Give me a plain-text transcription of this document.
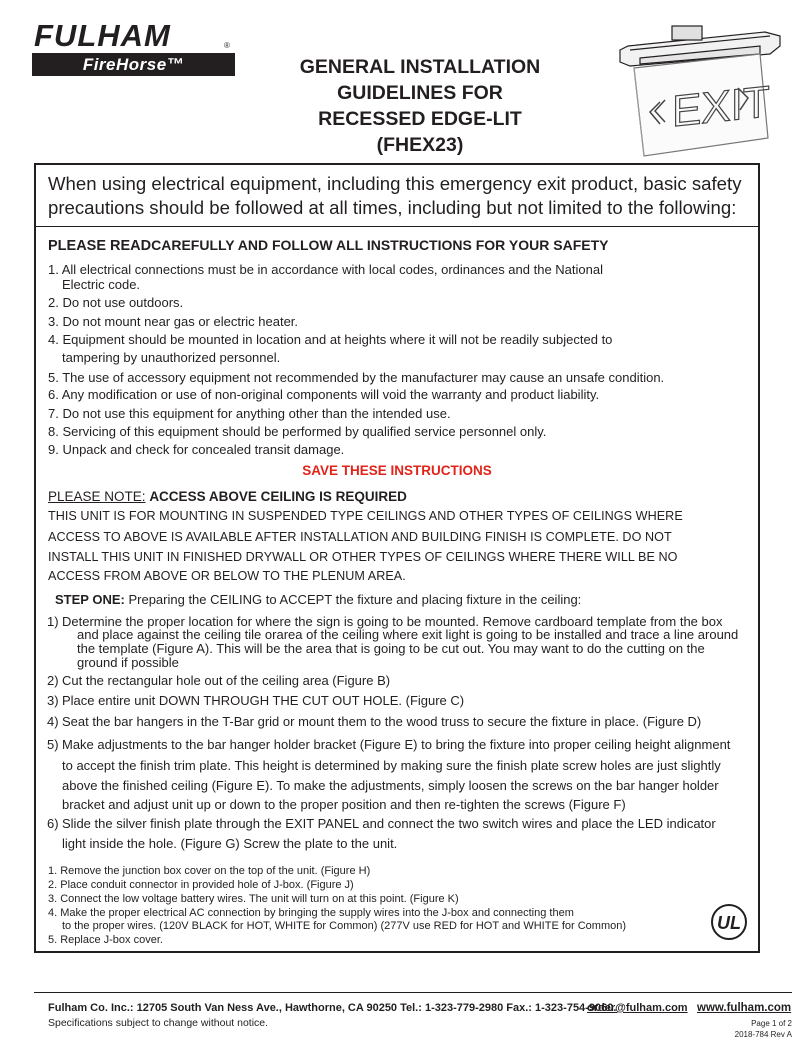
FULHAM	®
FireHorse™	GENERAL INSTALLATION
GUIDELINES FOR
RECESSED EDGE-LIT
(FHEX23)
EXIT
When using electrical equipment, including this emergency exit product, basic safety precautions should be followed at all times, including but not limited to the following:
PLEASE READCAREFULLY AND FOLLOW ALL INSTRUCTIONS FOR YOUR SAFETY
1. All electrical connections must be in accordance with local codes, ordinances and the National
Electric code.
2. Do not use outdoors.
3. Do not mount near gas or electric heater.
4. Equipment should be mounted in location and at heights where it will not be readily subjected to
tampering by unauthorized personnel.
5. The use of accessory equipment not recommended by the manufacturer may cause an unsafe condition.
6. Any modification or use of non-original components will void the warranty and product liability.
7. Do not use this equipment for anything other than the intended use.
8. Servicing of this equipment should be performed by qualified service personnel only.
9. Unpack and check for concealed transit damage.
SAVE THESE INSTRUCTIONS
PLEASE NOTE: ACCESS ABOVE CEILING IS REQUIRED
THIS UNIT IS FOR MOUNTING IN SUSPENDED TYPE CEILINGS AND OTHER TYPES OF CEILINGS WHERE
ACCESS TO ABOVE IS AVAILABLE AFTER INSTALLATION AND BUILDING FINISH IS COMPLETE. DO NOT
INSTALL THIS UNIT IN FINISHED DRYWALL OR OTHER TYPES OF CEILINGS WHERE THERE WILL BE NO
ACCESS FROM ABOVE OR BELOW TO THE PLENUM AREA.
STEP ONE: Preparing the CEILING to ACCEPT the fixture and placing fixture in the ceiling:
1) Determine the proper location for where the sign is going to be mounted. Remove cardboard template from the box
and place against the ceiling tile orarea of the ceiling where exit light is going to be installed and trace a line around
the template (Figure A). This will be the area that is going to be cut out. You may want to do the cutting on the
ground if possible
2) Cut the rectangular hole out of the ceiling area (Figure B)
3) Place entire unit DOWN THROUGH THE CUT OUT HOLE. (Figure C)
4) Seat the bar hangers in the T-Bar grid or mount them to the wood truss to secure the fixture in place. (Figure D)
5) Make adjustments to the bar hanger holder bracket (Figure E) to bring the fixture into proper ceiling height alignment
to accept the finish trim plate. This height is determined by making sure the finish plate screw holes are just slightly
above the finished ceiling (Figure E). To make the adjustments, simply loosen the screws on the bar hanger holder
bracket and adjust unit up or down to the proper position and then re-tighten the screws (Figure F)
6) Slide the silver finish plate through the EXIT PANEL and connect the two switch wires and place the LED indicator
light inside the hole. (Figure G) Screw the plate to the unit.
1. Remove the junction box cover on the top of the unit. (Figure H)
2. Place conduit connector in provided hole of J-box. (Figure J)
3. Connect the low voltage battery wires. The unit will turn on at this point. (Figure K)
4. Make the proper electrical AC connection by bringing the supply wires into the J-box and connecting them
to the proper wires. (120V BLACK for HOT, WHITE for Common) (277V use RED for HOT and WHITE for Common)
5. Replace J-box cover.
UL
Fulham Co. Inc.: 12705 South Van Ness Ave., Hawthorne, CA 90250 Tel.: 1-323-779-2980 Fax.: 1-323-754-9060.
order@fulham.com www.fulham.com
Specifications subject to change without notice.	Page 1 of 2
2018-784 Rev A
